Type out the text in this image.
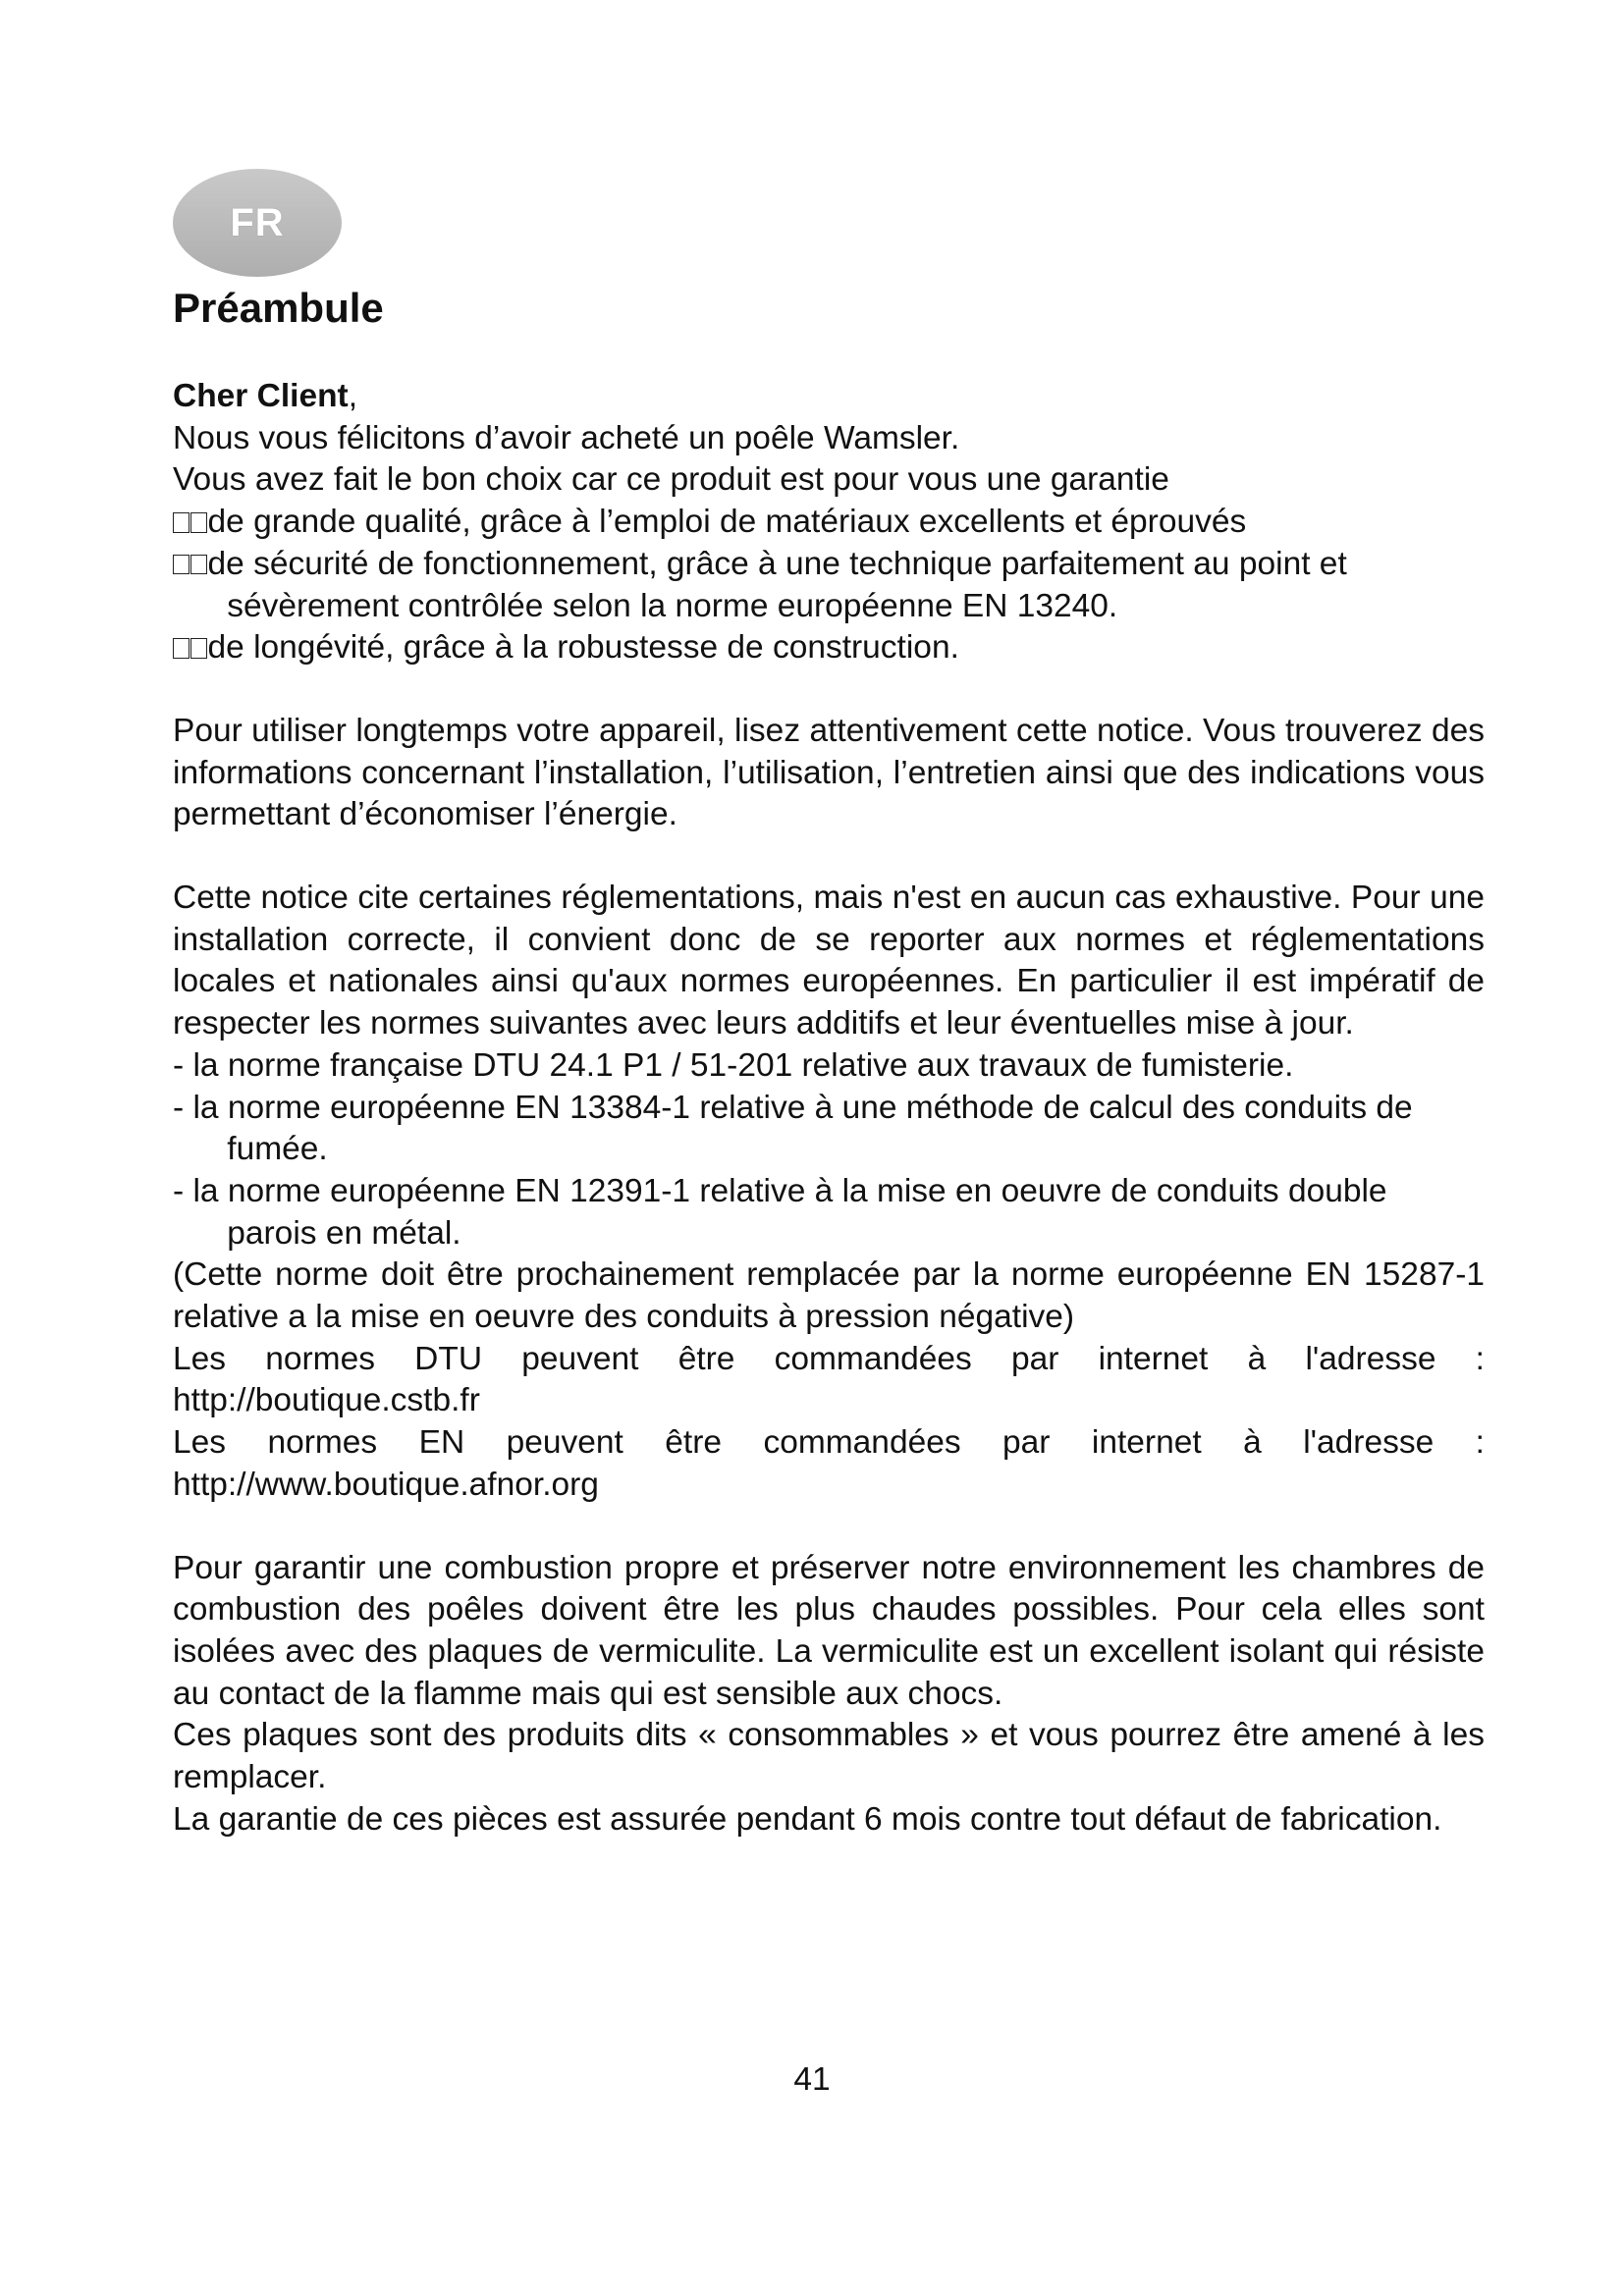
FR
Préambule

Cher Client,

Nous vous félicitons d’avoir acheté un poêle Wamsler.

Vous avez fait le bon choix car ce produit est pour vous une garantie

de grande qualité, grâce à l’emploi de matériaux excellents et éprouvés

de sécurité de fonctionnement, grâce à une technique parfaitement au point et sévèrement contrôlée selon la norme européenne EN 13240.

de longévité, grâce à la robustesse de construction.

Pour utiliser longtemps votre appareil, lisez attentivement cette notice. Vous trouverez des informations concernant l’installation, l’utilisation, l’entretien ainsi que des indications vous permettant d’économiser l’énergie.

Cette notice cite certaines réglementations, mais n'est en aucun cas exhaustive. Pour une installation correcte, il convient donc de se reporter aux normes et réglementations locales et nationales ainsi qu'aux normes européennes. En particulier il est impératif de respecter les normes suivantes avec leurs additifs et leur éventuelles mise à jour.

- la norme française DTU 24.1 P1 / 51-201 relative aux travaux de fumisterie.

- la norme européenne EN 13384-1 relative à une méthode de calcul des conduits de fumée.

- la norme européenne EN 12391-1 relative à la mise en oeuvre de conduits double parois en métal.

(Cette norme doit être prochainement remplacée par la norme européenne EN 15287-1 relative a la mise en oeuvre des conduits à pression négative)

Les normes DTU peuvent être commandées par internet à l'adresse :

http://boutique.cstb.fr

Les normes EN peuvent être commandées par internet à l'adresse :

http://www.boutique.afnor.org

Pour garantir une combustion propre et préserver notre environnement les chambres de combustion des poêles doivent être les plus chaudes possibles. Pour cela elles sont isolées avec des plaques de vermiculite. La vermiculite est un excellent isolant qui résiste au contact de la flamme mais qui est sensible aux chocs.

Ces plaques sont des produits dits « consommables » et vous pourrez être amené à les remplacer.

La garantie de ces pièces est assurée pendant 6 mois contre tout défaut de fabrication.

41
